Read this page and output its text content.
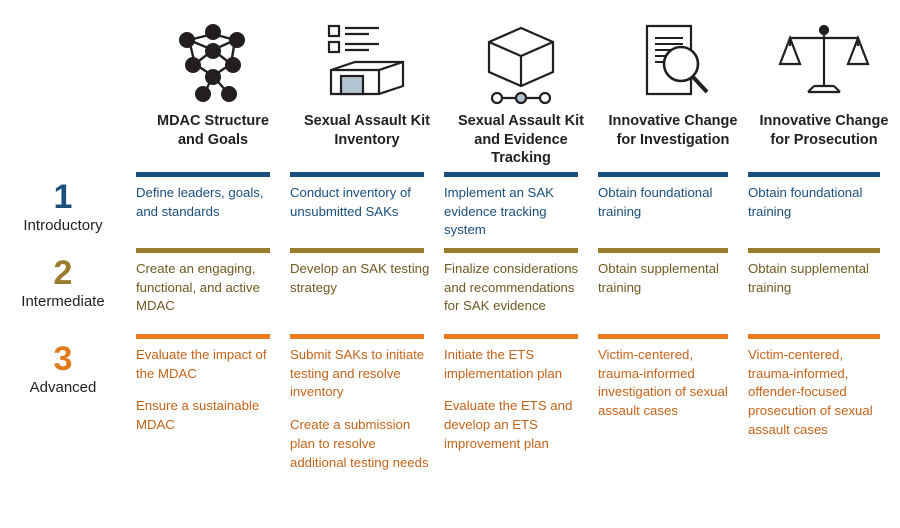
MDAC Structure and Goals
Sexual Assault Kit Inventory
Sexual Assault Kit and Evidence Tracking
Innovative Change for Investigation
Innovative Change for Prosecution
1
Introductory

Define leaders, goals, and standards

Conduct inventory of unsubmitted SAKs

Implement an SAK evidence tracking system

Obtain foundational training

Obtain foundational training

2
Intermediate

Create an engaging, functional, and active MDAC

Develop an SAK testing strategy

Finalize considerations and recommendations for SAK evidence

Obtain supplemental training

Obtain supplemental training

3
Advanced

Evaluate the impact of the MDAC

Ensure a sustainable MDAC

Submit SAKs to initiate testing and resolve inventory

Create a submission plan to resolve additional testing needs

Initiate the ETS implementation plan

Evaluate the ETS and develop an ETS improvement plan

Victim-centered, trauma-informed investigation of sexual assault cases

Victim-centered, trauma-informed, offender-focused prosecution of sexual assault cases
